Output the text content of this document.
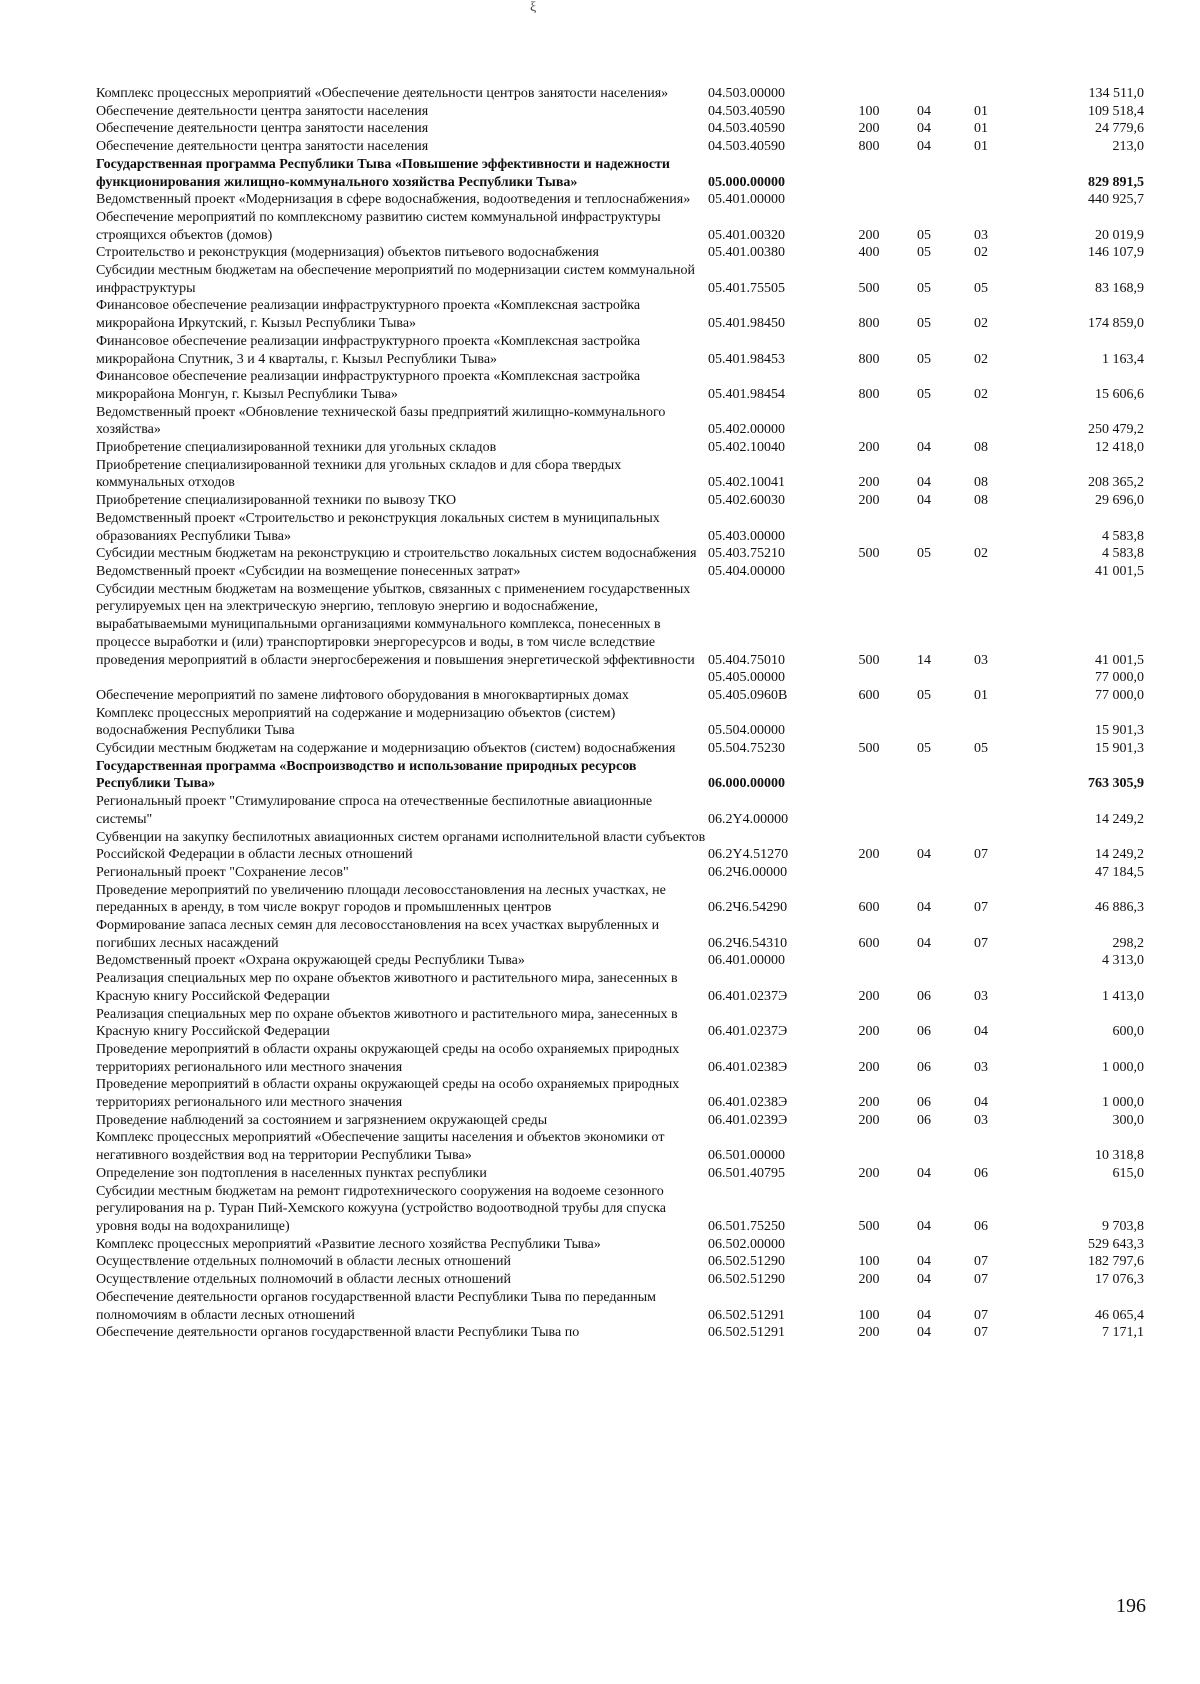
ξ
Комплекс процессных мероприятий «Обеспечение деятельности центров занятости населения»	04.503.00000	134 511,0
Обеспечение деятельности центра занятости населения	04.503.40590	100	04	01	109 518,4
Обеспечение деятельности центра занятости населения	04.503.40590	200	04	01	24 779,6
Обеспечение деятельности центра занятости населения	04.503.40590	800	04	01	213,0
Государственная программа Республики Тыва «Повышение эффективности и надежности функционирования жилищно-коммунального хозяйства Республики Тыва»	05.000.00000	829 891,5
Ведомственный проект «Модернизация в сфере водоснабжения, водоотведения и теплоснабжения»	05.401.00000	440 925,7
Обеспечение мероприятий по комплексному развитию систем коммунальной инфраструктуры строящихся объектов (домов)	05.401.00320	200	05	03	20 019,9
Строительство и реконструкция (модернизация) объектов питьевого водоснабжения	05.401.00380	400	05	02	146 107,9
Субсидии местным бюджетам на обеспечение мероприятий по модернизации систем коммунальной инфраструктуры	05.401.75505	500	05	05	83 168,9
Финансовое обеспечение реализации инфраструктурного проекта «Комплексная застройка микрорайона Иркутский, г. Кызыл Республики Тыва»	05.401.98450	800	05	02	174 859,0
Финансовое обеспечение реализации инфраструктурного проекта «Комплексная застройка микрорайона Спутник, 3 и 4 кварталы, г. Кызыл Республики Тыва»	05.401.98453	800	05	02	1 163,4
Финансовое обеспечение реализации инфраструктурного проекта «Комплексная застройка микрорайона Монгун, г. Кызыл Республики Тыва»	05.401.98454	800	05	02	15 606,6
Ведомственный проект «Обновление технической базы предприятий жилищно-коммунального хозяйства»	05.402.00000	250 479,2
Приобретение специализированной техники для угольных складов	05.402.10040	200	04	08	12 418,0
Приобретение специализированной техники для угольных складов и для сбора твердых коммунальных отходов	05.402.10041	200	04	08	208 365,2
Приобретение специализированной техники по вывозу ТКО	05.402.60030	200	04	08	29 696,0
Ведомственный проект «Строительство и реконструкция локальных систем в муниципальных образованиях Республики Тыва»	05.403.00000	4 583,8
Субсидии местным бюджетам на реконструкцию и строительство локальных систем водоснабжения 05.403.75210	500	05	02	4 583,8
Ведомственный проект «Субсидии на возмещение понесенных затрат»	05.404.00000	41 001,5
Субсидии местным бюджетам на возмещение убытков, связанных с применением государственных регулируемых цен на электрическую энергию, тепловую энергию и водоснабжение, вырабатываемыми муниципальными организациями коммунального комплекса, понесенных в процессе выработки и (или) транспортировки энергоресурсов и воды, в том числе вследствие проведения мероприятий в области энергосбережения и повышения энергетической эффективности 05.404.75010	500	14	03	41 001,5
05.405.00000	77 000,0
Обеспечение мероприятий по замене лифтового оборудования в многоквартирных домах	05.405.0960В	600	05	01	77 000,0
Комплекс процессных мероприятий на содержание и модернизацию объектов (систем) водоснабжения Республики Тыва	05.504.00000	15 901,3
Субсидии местным бюджетам на содержание и модернизацию объектов (систем) водоснабжения	05.504.75230	500	05	05	15 901,3
Государственная программа «Воспроизводство и использование природных ресурсов Республики Тыва»	06.000.00000	763 305,9
Региональный проект "Стимулирование спроса на отечественные беспилотные авиационные системы"	06.2Y4.00000	14 249,2
Субвенции на закупку беспилотных авиационных систем органами исполнительной власти субъектов Российской Федерации в области лесных отношений	06.2Y4.51270	200	04	07	14 249,2
Региональный проект "Сохранение лесов"	06.2Ч6.00000	47 184,5
Проведение мероприятий по увеличению площади лесовосстановления на лесных участках, не переданных в аренду, в том числе вокруг городов и промышленных центров	06.2Ч6.54290	600	04	07	46 886,3
Формирование запаса лесных семян для лесовосстановления на всех участках вырубленных и погибших лесных насаждений	06.2Ч6.54310	600	04	07	298,2
Ведомственный проект «Охрана окружающей среды Республики Тыва»	06.401.00000	4 313,0
Реализация специальных мер по охране объектов животного и растительного мира, занесенных в Красную книгу Российской Федерации	06.401.0237Э	200	06	03	1 413,0
Реализация специальных мер по охране объектов животного и растительного мира, занесенных в Красную книгу Российской Федерации	06.401.0237Э	200	06	04	600,0
Проведение мероприятий в области охраны окружающей среды на особо охраняемых природных территориях регионального или местного значения	06.401.0238Э	200	06	03	1 000,0
Проведение мероприятий в области охраны окружающей среды на особо охраняемых природных территориях регионального или местного значения	06.401.0238Э	200	06	04	1 000,0
Проведение наблюдений за состоянием и загрязнением окружающей среды	06.401.0239Э	200	06	03	300,0
Комплекс процессных мероприятий «Обеспечение защиты населения и объектов экономики от негативного воздействия вод на территории Республики Тыва»	06.501.00000	10 318,8
Определение зон подтопления в населенных пунктах республики	06.501.40795	200	04	06	615,0
Субсидии местным бюджетам на ремонт гидротехнического сооружения на водоеме сезонного регулирования на р. Туран Пий-Хемского кожууна (устройство водоотводной трубы для спуска уровня воды на водохранилище)	06.501.75250	500	04	06	9 703,8
Комплекс процессных мероприятий «Развитие лесного хозяйства Республики Тыва»	06.502.00000	529 643,3
Осуществление отдельных полномочий в области лесных отношений	06.502.51290	100	04	07	182 797,6
Осуществление отдельных полномочий в области лесных отношений	06.502.51290	200	04	07	17 076,3
Обеспечение деятельности органов государственной власти Республики Тыва по переданным полномочиям в области лесных отношений	06.502.51291	100	04	07	46 065,4
Обеспечение деятельности органов государственной власти Республики Тыва по	06.502.51291	200	04	07	7 171,1
196
